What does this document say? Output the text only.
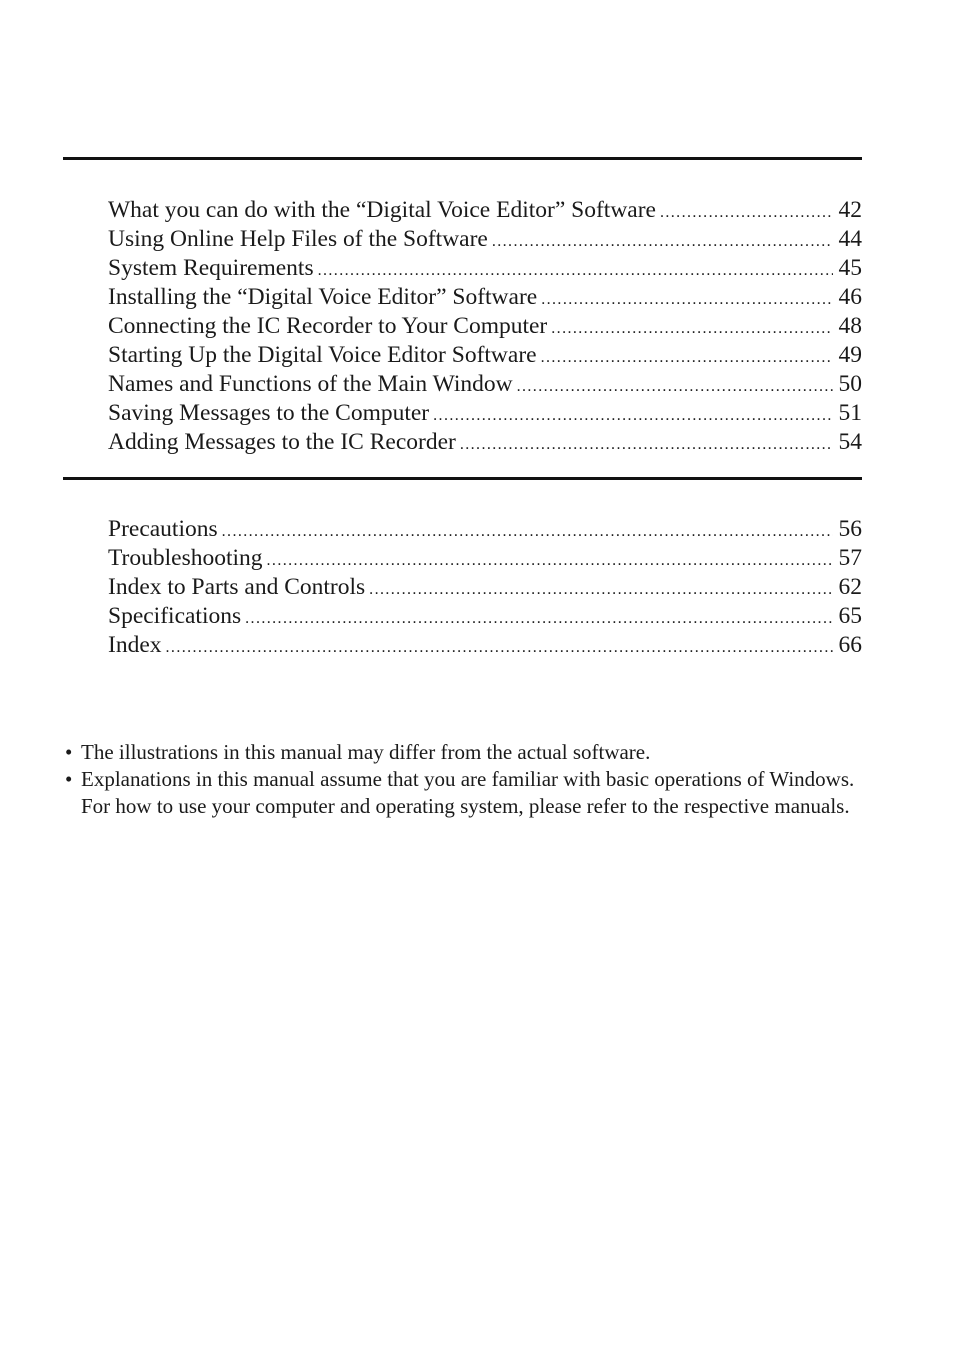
What you can do with the “Digital Voice Editor” Software .....	42
Using Online Help Files of the Software .....	44
System Requirements .....	45
Installing the “Digital Voice Editor” Software .....	46
Connecting the IC Recorder to Your Computer .....	48
Starting Up the Digital Voice Editor Software .....	49
Names and Functions of the Main Window .....	50
Saving Messages to the Computer .....	51
Adding Messages to the IC Recorder .....	54
Precautions .....	56
Troubleshooting .....	57
Index to Parts and Controls .....	62
Specifications .....	65
Index .....	66
• The illustrations in this manual may differ from the actual software.
• Explanations in this manual assume that you are familiar with basic operations of Windows. For how to use your computer and operating system, please refer to the respective manuals.
